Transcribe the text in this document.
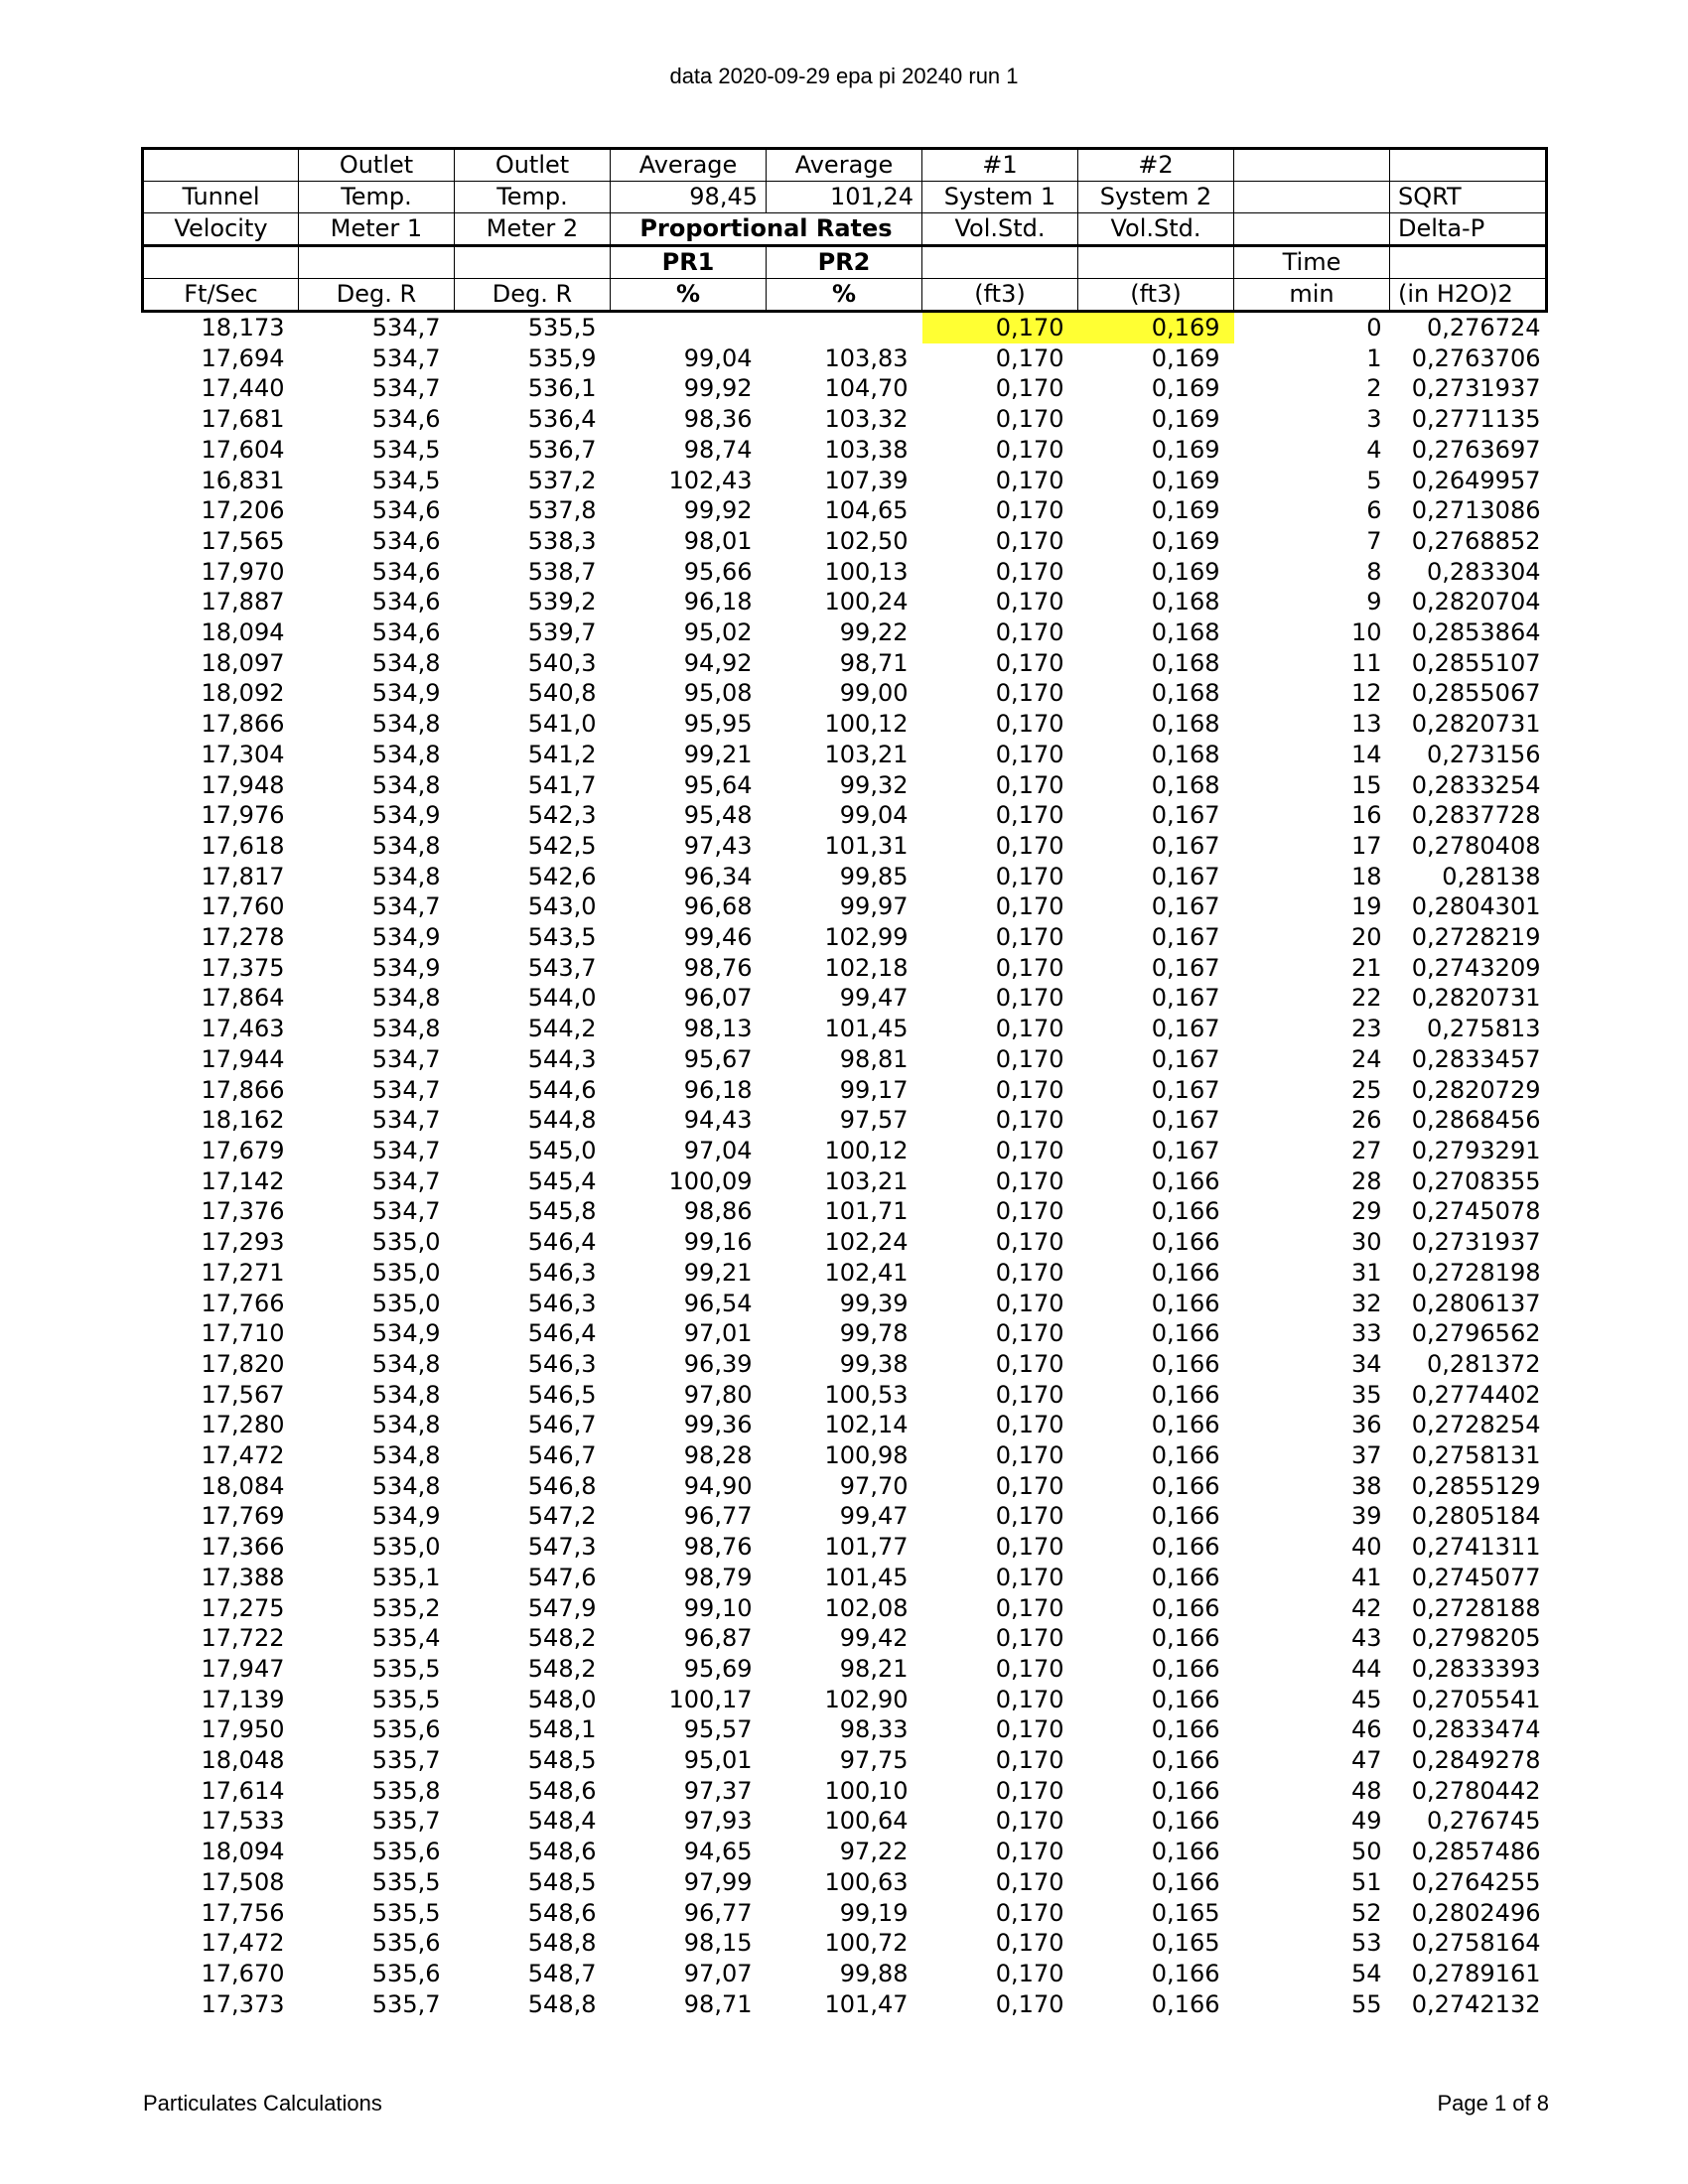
data 2020-09-29 epa pi 20240 run 1
	Outlet	Outlet	Average	Average	#1	#2		
Tunnel	Temp.	Temp.	98,45	101,24	System 1	System 2		SQRT
Velocity	Meter 1	Meter 2	Proportional Rates		Vol.Std.	Vol.Std.		Delta-P
			PR1	PR2			Time	
Ft/Sec	Deg. R	Deg. R	%	%	(ft3)	(ft3)	min	(in H2O)2
18,173	534,7	535,5			0,170	0,169	0	0,276724
17,694	534,7	535,9	99,04	103,83	0,170	0,169	1	0,2763706
17,440	534,7	536,1	99,92	104,70	0,170	0,169	2	0,2731937
17,681	534,6	536,4	98,36	103,32	0,170	0,169	3	0,2771135
17,604	534,5	536,7	98,74	103,38	0,170	0,169	4	0,2763697
16,831	534,5	537,2	102,43	107,39	0,170	0,169	5	0,2649957
17,206	534,6	537,8	99,92	104,65	0,170	0,169	6	0,2713086
17,565	534,6	538,3	98,01	102,50	0,170	0,169	7	0,2768852
17,970	534,6	538,7	95,66	100,13	0,170	0,169	8	0,283304
17,887	534,6	539,2	96,18	100,24	0,170	0,168	9	0,2820704
18,094	534,6	539,7	95,02	99,22	0,170	0,168	10	0,2853864
18,097	534,8	540,3	94,92	98,71	0,170	0,168	11	0,2855107
18,092	534,9	540,8	95,08	99,00	0,170	0,168	12	0,2855067
17,866	534,8	541,0	95,95	100,12	0,170	0,168	13	0,2820731
17,304	534,8	541,2	99,21	103,21	0,170	0,168	14	0,273156
17,948	534,8	541,7	95,64	99,32	0,170	0,168	15	0,2833254
17,976	534,9	542,3	95,48	99,04	0,170	0,167	16	0,2837728
17,618	534,8	542,5	97,43	101,31	0,170	0,167	17	0,2780408
17,817	534,8	542,6	96,34	99,85	0,170	0,167	18	0,28138
17,760	534,7	543,0	96,68	99,97	0,170	0,167	19	0,2804301
17,278	534,9	543,5	99,46	102,99	0,170	0,167	20	0,2728219
17,375	534,9	543,7	98,76	102,18	0,170	0,167	21	0,2743209
17,864	534,8	544,0	96,07	99,47	0,170	0,167	22	0,2820731
17,463	534,8	544,2	98,13	101,45	0,170	0,167	23	0,275813
17,944	534,7	544,3	95,67	98,81	0,170	0,167	24	0,2833457
17,866	534,7	544,6	96,18	99,17	0,170	0,167	25	0,2820729
18,162	534,7	544,8	94,43	97,57	0,170	0,167	26	0,2868456
17,679	534,7	545,0	97,04	100,12	0,170	0,167	27	0,2793291
17,142	534,7	545,4	100,09	103,21	0,170	0,166	28	0,2708355
17,376	534,7	545,8	98,86	101,71	0,170	0,166	29	0,2745078
17,293	535,0	546,4	99,16	102,24	0,170	0,166	30	0,2731937
17,271	535,0	546,3	99,21	102,41	0,170	0,166	31	0,2728198
17,766	535,0	546,3	96,54	99,39	0,170	0,166	32	0,2806137
17,710	534,9	546,4	97,01	99,78	0,170	0,166	33	0,2796562
17,820	534,8	546,3	96,39	99,38	0,170	0,166	34	0,281372
17,567	534,8	546,5	97,80	100,53	0,170	0,166	35	0,2774402
17,280	534,8	546,7	99,36	102,14	0,170	0,166	36	0,2728254
17,472	534,8	546,7	98,28	100,98	0,170	0,166	37	0,2758131
18,084	534,8	546,8	94,90	97,70	0,170	0,166	38	0,2855129
17,769	534,9	547,2	96,77	99,47	0,170	0,166	39	0,2805184
17,366	535,0	547,3	98,76	101,77	0,170	0,166	40	0,2741311
17,388	535,1	547,6	98,79	101,45	0,170	0,166	41	0,2745077
17,275	535,2	547,9	99,10	102,08	0,170	0,166	42	0,2728188
17,722	535,4	548,2	96,87	99,42	0,170	0,166	43	0,2798205
17,947	535,5	548,2	95,69	98,21	0,170	0,166	44	0,2833393
17,139	535,5	548,0	100,17	102,90	0,170	0,166	45	0,2705541
17,950	535,6	548,1	95,57	98,33	0,170	0,166	46	0,2833474
18,048	535,7	548,5	95,01	97,75	0,170	0,166	47	0,2849278
17,614	535,8	548,6	97,37	100,10	0,170	0,166	48	0,2780442
17,533	535,7	548,4	97,93	100,64	0,170	0,166	49	0,276745
18,094	535,6	548,6	94,65	97,22	0,170	0,166	50	0,2857486
17,508	535,5	548,5	97,99	100,63	0,170	0,166	51	0,2764255
17,756	535,5	548,6	96,77	99,19	0,170	0,165	52	0,2802496
17,472	535,6	548,8	98,15	100,72	0,170	0,165	53	0,2758164
17,670	535,6	548,7	97,07	99,88	0,170	0,166	54	0,2789161
17,373	535,7	548,8	98,71	101,47	0,170	0,166	55	0,2742132
Particulates Calculations	Page 1 of 8
